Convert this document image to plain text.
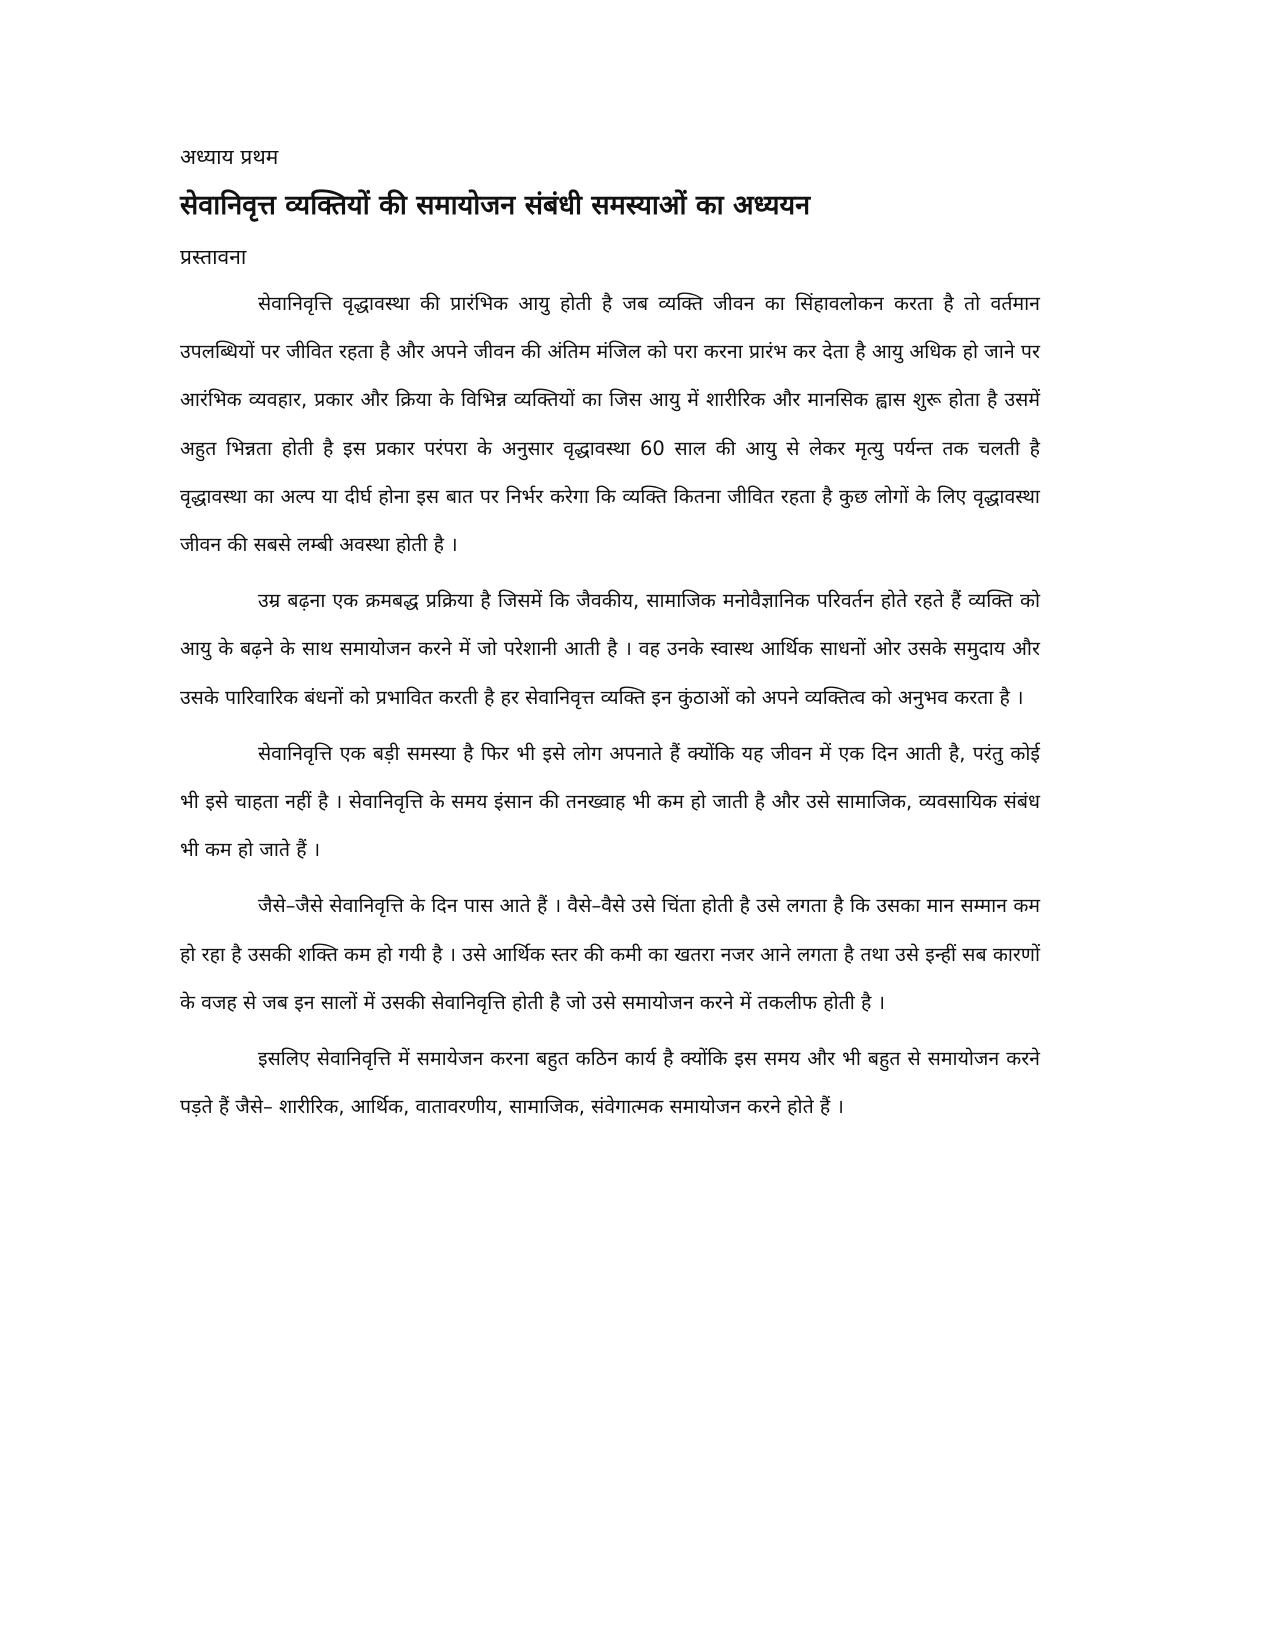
अध्याय प्रथम
सेवानिवृत्त व्यक्तियों की समायोजन संबंधी समस्याओं का अध्ययन
प्रस्तावना

सेवानिवृत्ति वृद्धावस्था की प्रारंभिक आयु होती है जब व्यक्ति जीवन का सिंहावलोकन करता है तो वर्तमान उपलब्धियों पर जीवित रहता है और अपने जीवन की अंतिम मंजिल को परा करना प्रारंभ कर देता है आयु अधिक हो जाने पर आरंभिक व्यवहार, प्रकार और क्रिया के विभिन्न व्यक्तियों का जिस आयु में शारीरिक और मानसिक ह्वास शुरू होता है उसमें अहुत भिन्नता होती है इस प्रकार परंपरा के अनुसार वृद्धावस्था 60 साल की आयु से लेकर मृत्यु पर्यन्त तक चलती है वृद्धावस्था का अल्प या दीर्घ होना इस बात पर निर्भर करेगा कि व्यक्ति कितना जीवित रहता है कुछ लोगों के लिए वृद्धावस्था जीवन की सबसे लम्बी अवस्था होती है ।

उम्र बढ़ना एक क्रमबद्ध प्रक्रिया है जिसमें कि जैवकीय, सामाजिक मनोवैज्ञानिक परिवर्तन होते रहते हैं व्यक्ति को आयु के बढ़ने के साथ समायोजन करने में जो परेशानी आती है । वह उनके स्वास्थ आर्थिक साधनों ओर उसके समुदाय और उसके पारिवारिक बंधनों को प्रभावित करती है हर सेवानिवृत्त व्यक्ति इन कुंठाओं को अपने व्यक्तित्व को अनुभव करता है ।

सेवानिवृत्ति एक बड़ी समस्या है फिर भी इसे लोग अपनाते हैं क्योंकि यह जीवन में एक दिन आती है, परंतु कोई भी इसे चाहता नहीं है । सेवानिवृत्ति के समय इंसान की तनख्वाह भी कम हो जाती है और उसे सामाजिक, व्यवसायिक संबंध भी कम हो जाते हैं ।

जैसे–जैसे सेवानिवृत्ति के दिन पास आते हैं । वैसे–वैसे उसे चिंता होती है उसे लगता है कि उसका मान सम्मान कम हो रहा है उसकी शक्ति कम हो गयी है । उसे आर्थिक स्तर की कमी का खतरा नजर आने लगता है तथा उसे इन्हीं सब कारणों के वजह से जब इन सालों में उसकी सेवानिवृत्ति होती है जो उसे समायोजन करने में तकलीफ होती है ।

इसलिए सेवानिवृत्ति में समायेजन करना बहुत कठिन कार्य है क्योंकि इस समय और भी बहुत से समायोजन करने पड़ते हैं जैसे– शारीरिक, आर्थिक, वातावरणीय, सामाजिक, संवेगात्मक समायोजन करने होते हैं ।
